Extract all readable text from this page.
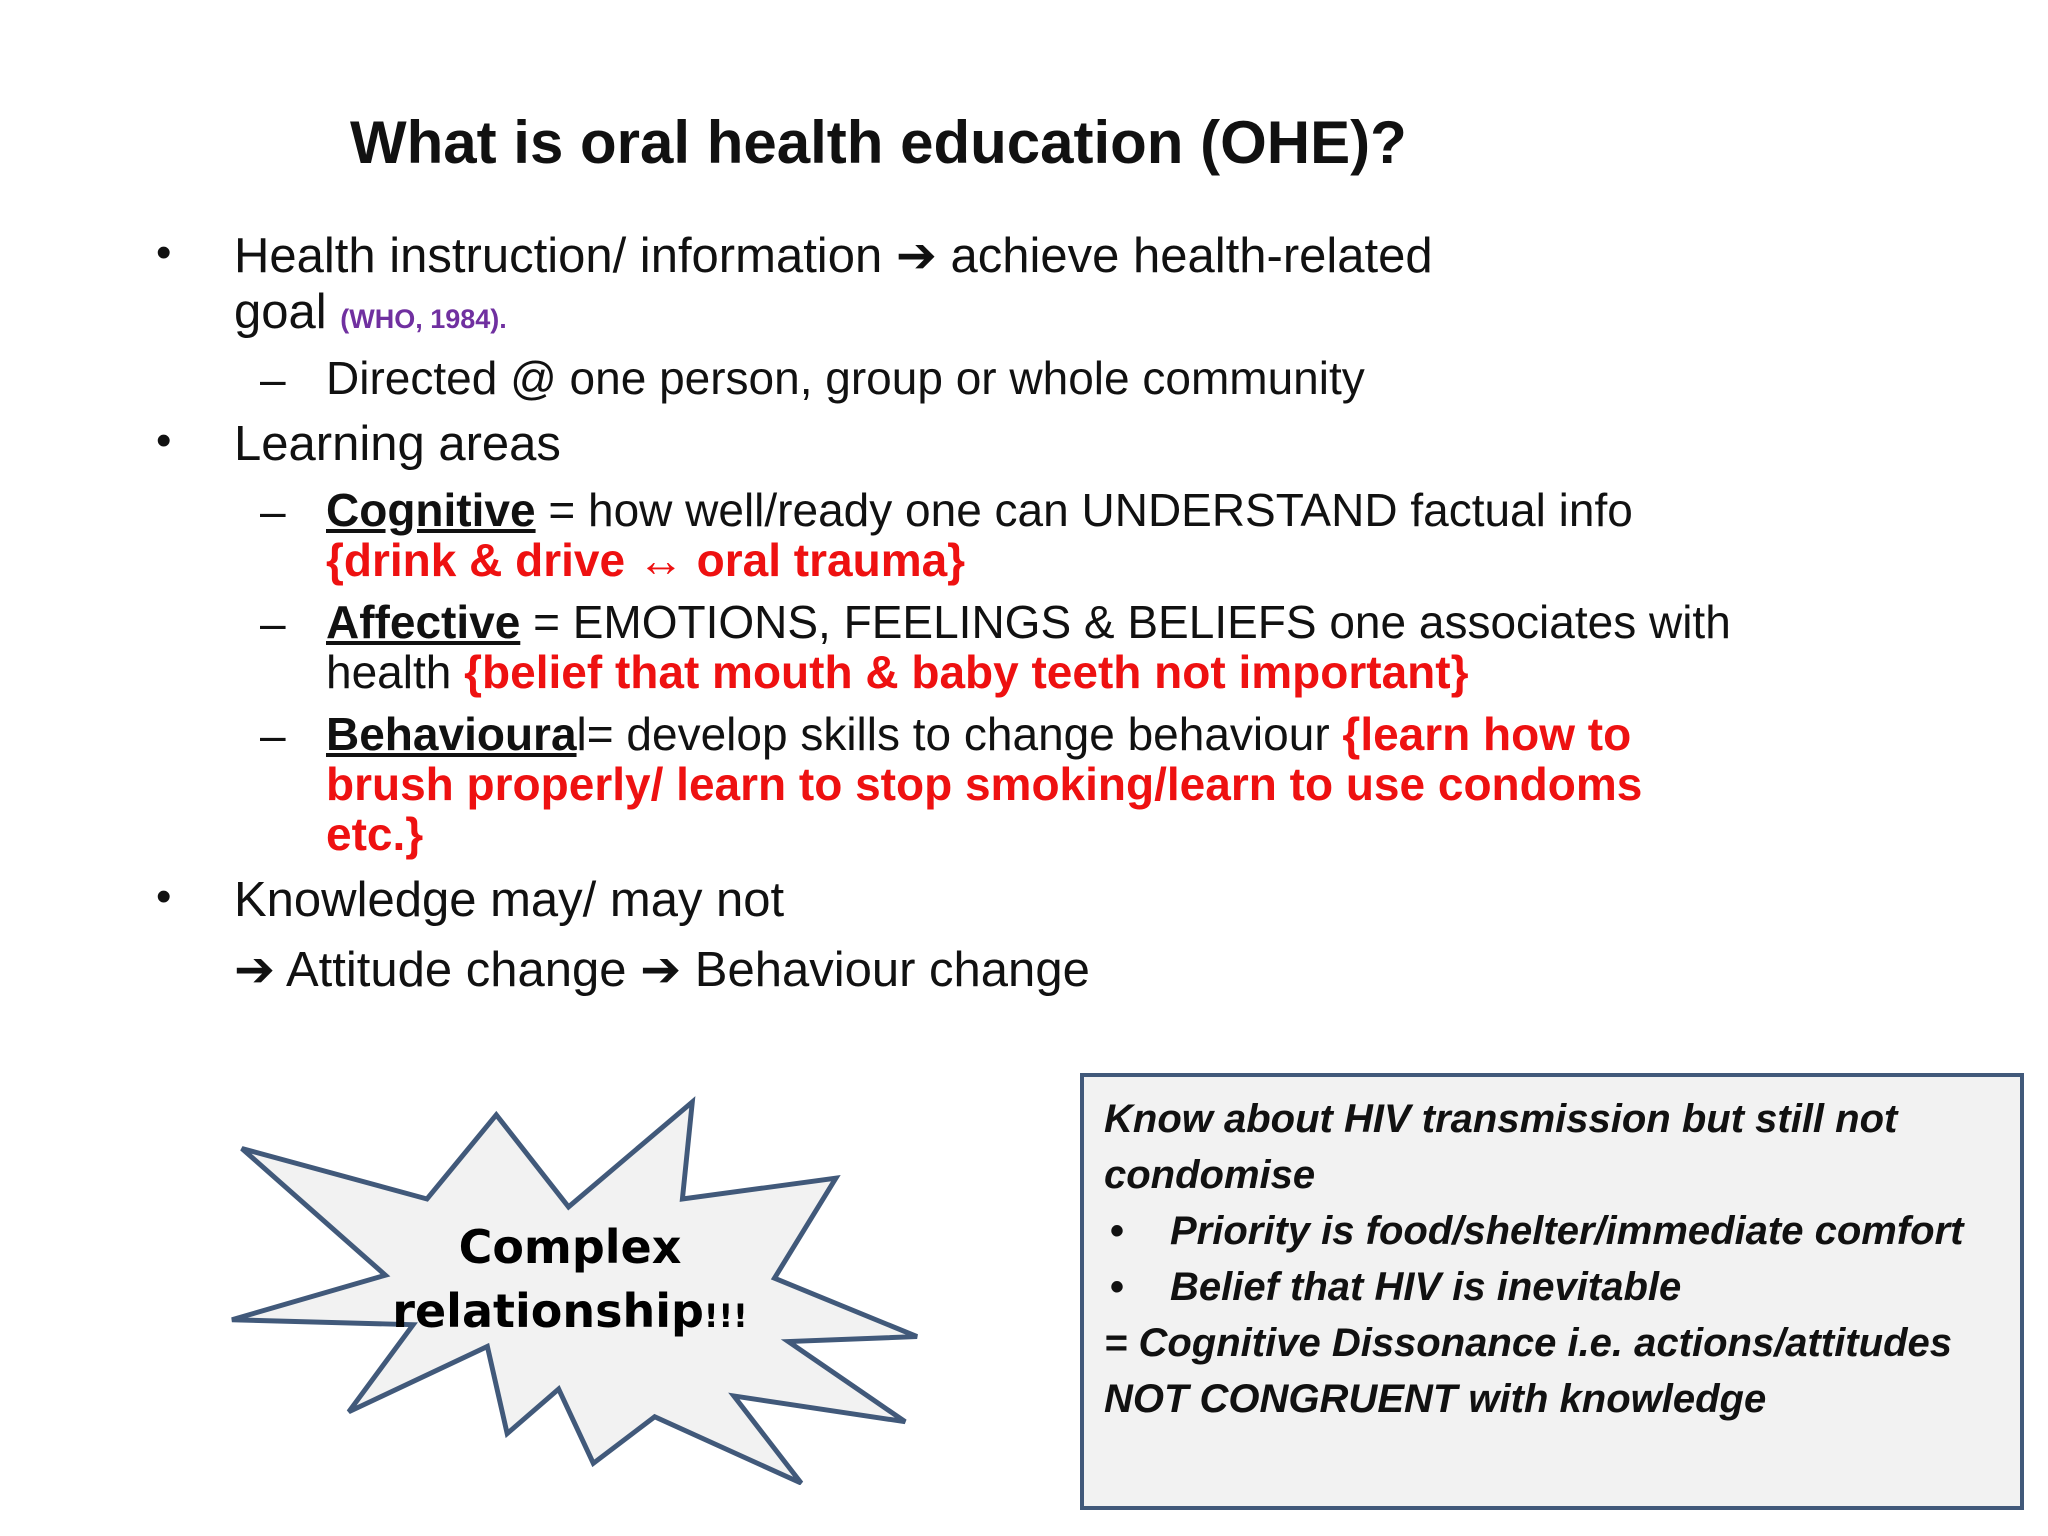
What is oral health education (OHE)?
• Health instruction/ information ➔ achieve health-related
goal (WHO, 1984).
– Directed @ one person, group or whole community
• Learning areas
– Cognitive = how well/ready one can UNDERSTAND factual info
{drink & drive ↔ oral trauma}
– Affective = EMOTIONS, FEELINGS & BELIEFS one associates with
health {belief that mouth & baby teeth not important}
– Behavioural= develop skills to change behaviour {learn how to
brush properly/ learn to stop smoking/learn to use condoms
etc.}
• Knowledge may/ may not
➔ Attitude change ➔ Behaviour change
Complex
relationship!!!
Know about HIV transmission but still not condomise
• Priority is food/shelter/immediate comfort
• Belief that HIV is inevitable
= Cognitive Dissonance i.e. actions/attitudes NOT CONGRUENT with knowledge
